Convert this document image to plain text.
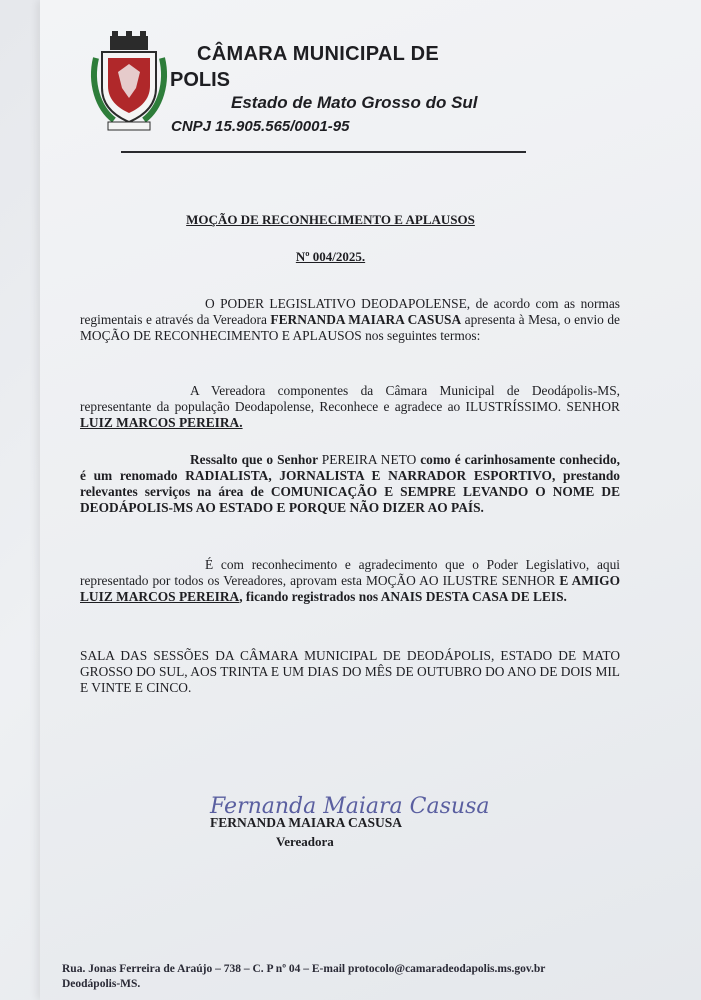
CÂMARA MUNICIPAL DE
POLIS
Estado de Mato Grosso do Sul
CNPJ 15.905.565/0001-95
MOÇÃO DE RECONHECIMENTO E APLAUSOS
Nº 004/2025.
O PODER LEGISLATIVO DEODAPOLENSE, de acordo com as normas regimentais e através da Vereadora FERNANDA MAIARA CASUSA apresenta à Mesa, o envio de MOÇÃO DE RECONHECIMENTO E APLAUSOS nos seguintes termos:
A Vereadora componentes da Câmara Municipal de Deodápolis-MS, representante da população Deodapolense, Reconhece e agradece ao ILUSTRÍSSIMO. SENHOR LUIZ MARCOS PEREIRA.
Ressalto que o Senhor PEREIRA NETO como é carinhosamente conhecido, é um renomado RADIALISTA, JORNALISTA E NARRADOR ESPORTIVO, prestando relevantes serviços na área de COMUNICAÇÃO E SEMPRE LEVANDO O NOME DE DEODÁPOLIS-MS AO ESTADO E PORQUE NÃO DIZER AO PAÍS.
É com reconhecimento e agradecimento que o Poder Legislativo, aqui representado por todos os Vereadores, aprovam esta MOÇÃO AO ILUSTRE SENHOR E AMIGO LUIZ MARCOS PEREIRA, ficando registrados nos ANAIS DESTA CASA DE LEIS.
SALA DAS SESSÕES DA CÂMARA MUNICIPAL DE DEODÁPOLIS, ESTADO DE MATO GROSSO DO SUL, AOS TRINTA E UM DIAS DO MÊS DE OUTUBRO DO ANO DE DOIS MIL E VINTE E CINCO.
Fernanda Maiara Casusa
FERNANDA MAIARA CASUSA
Vereadora
Rua. Jonas Ferreira de Araújo – 738 – C. P nº 04 – E-mail protocolo@camaradeodapolis.ms.gov.br
Deodápolis-MS.
